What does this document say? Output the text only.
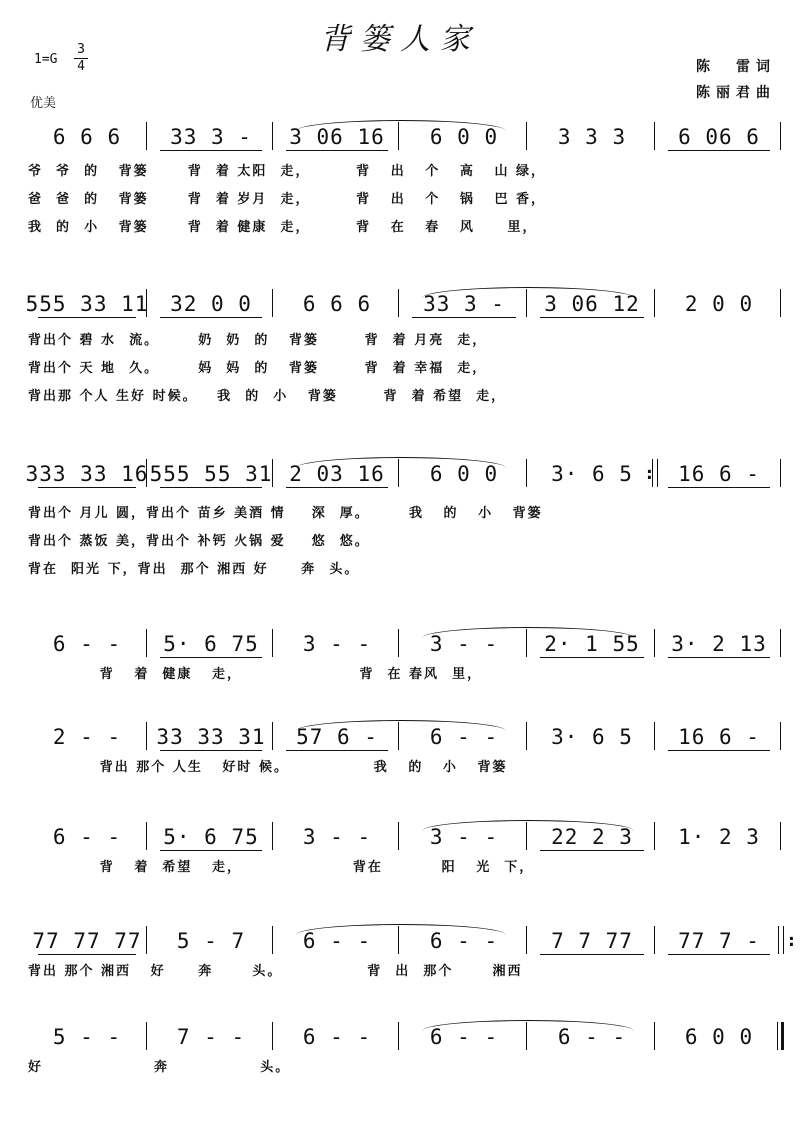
背篓人家
1=G
3
4
优美
陈　雷词
陈丽君曲
6 6 6	33 3 -	3 06 16	6 0 0	3 3 3	6 06 6
爷  爷  的   背篓      背  着 太阳  走，       背   出   个   高   山 绿，
爸  爸  的   背篓      背  着 岁月  走，       背   出   个   锅   巴 香，
我  的  小   背篓      背  着 健康  走，       背   在   春   风     里，
555 33 11	32 0 0	6 6 6	33 3 -	3 06 12	2 0 0
背出个 碧 水  流。      奶  奶  的   背篓       背  着 月亮  走，
背出个 天 地  久。      妈  妈  的   背篓       背  着 幸福  走，
背出那 个人 生好 时候。   我  的  小   背篓       背  着 希望  走，
333 33 16 555 55 31 2 03 16	6 0 0	3· 6 5	16 6 -
:
背出个 月儿 圆，背出个 苗乡 美酒 情    深  厚。      我   的   小   背篓
背出个 蒸饭 美，背出个 补钙 火锅 爱    悠  悠。
背在  阳光 下，背出  那个 湘西 好     奔  头。
6 - -	5· 6 75	3 - -	3 - -	2· 1 55	3· 2 13
背   着  健康   走，                  背  在 春风  里，
2 - -	33 33 31	57 6 -	6 - -	3· 6 5	16 6 -
背出 那个 人生   好时 候。             我   的   小   背篓
6 - -	5· 6 75	3 - -	3 - -	22 2 3	1· 2 3
背   着  希望   走，                 背在         阳   光  下，
77 77 77	5 - 7	6 - -	6 - -	7 7 77	77 7 -	:
背出 那个 湘西   好     奔      头。             背  出  那个      湘西
5 - -	7 - -	6 - -	6 - -	6 - -	6 0 0
好                 奔              头。
